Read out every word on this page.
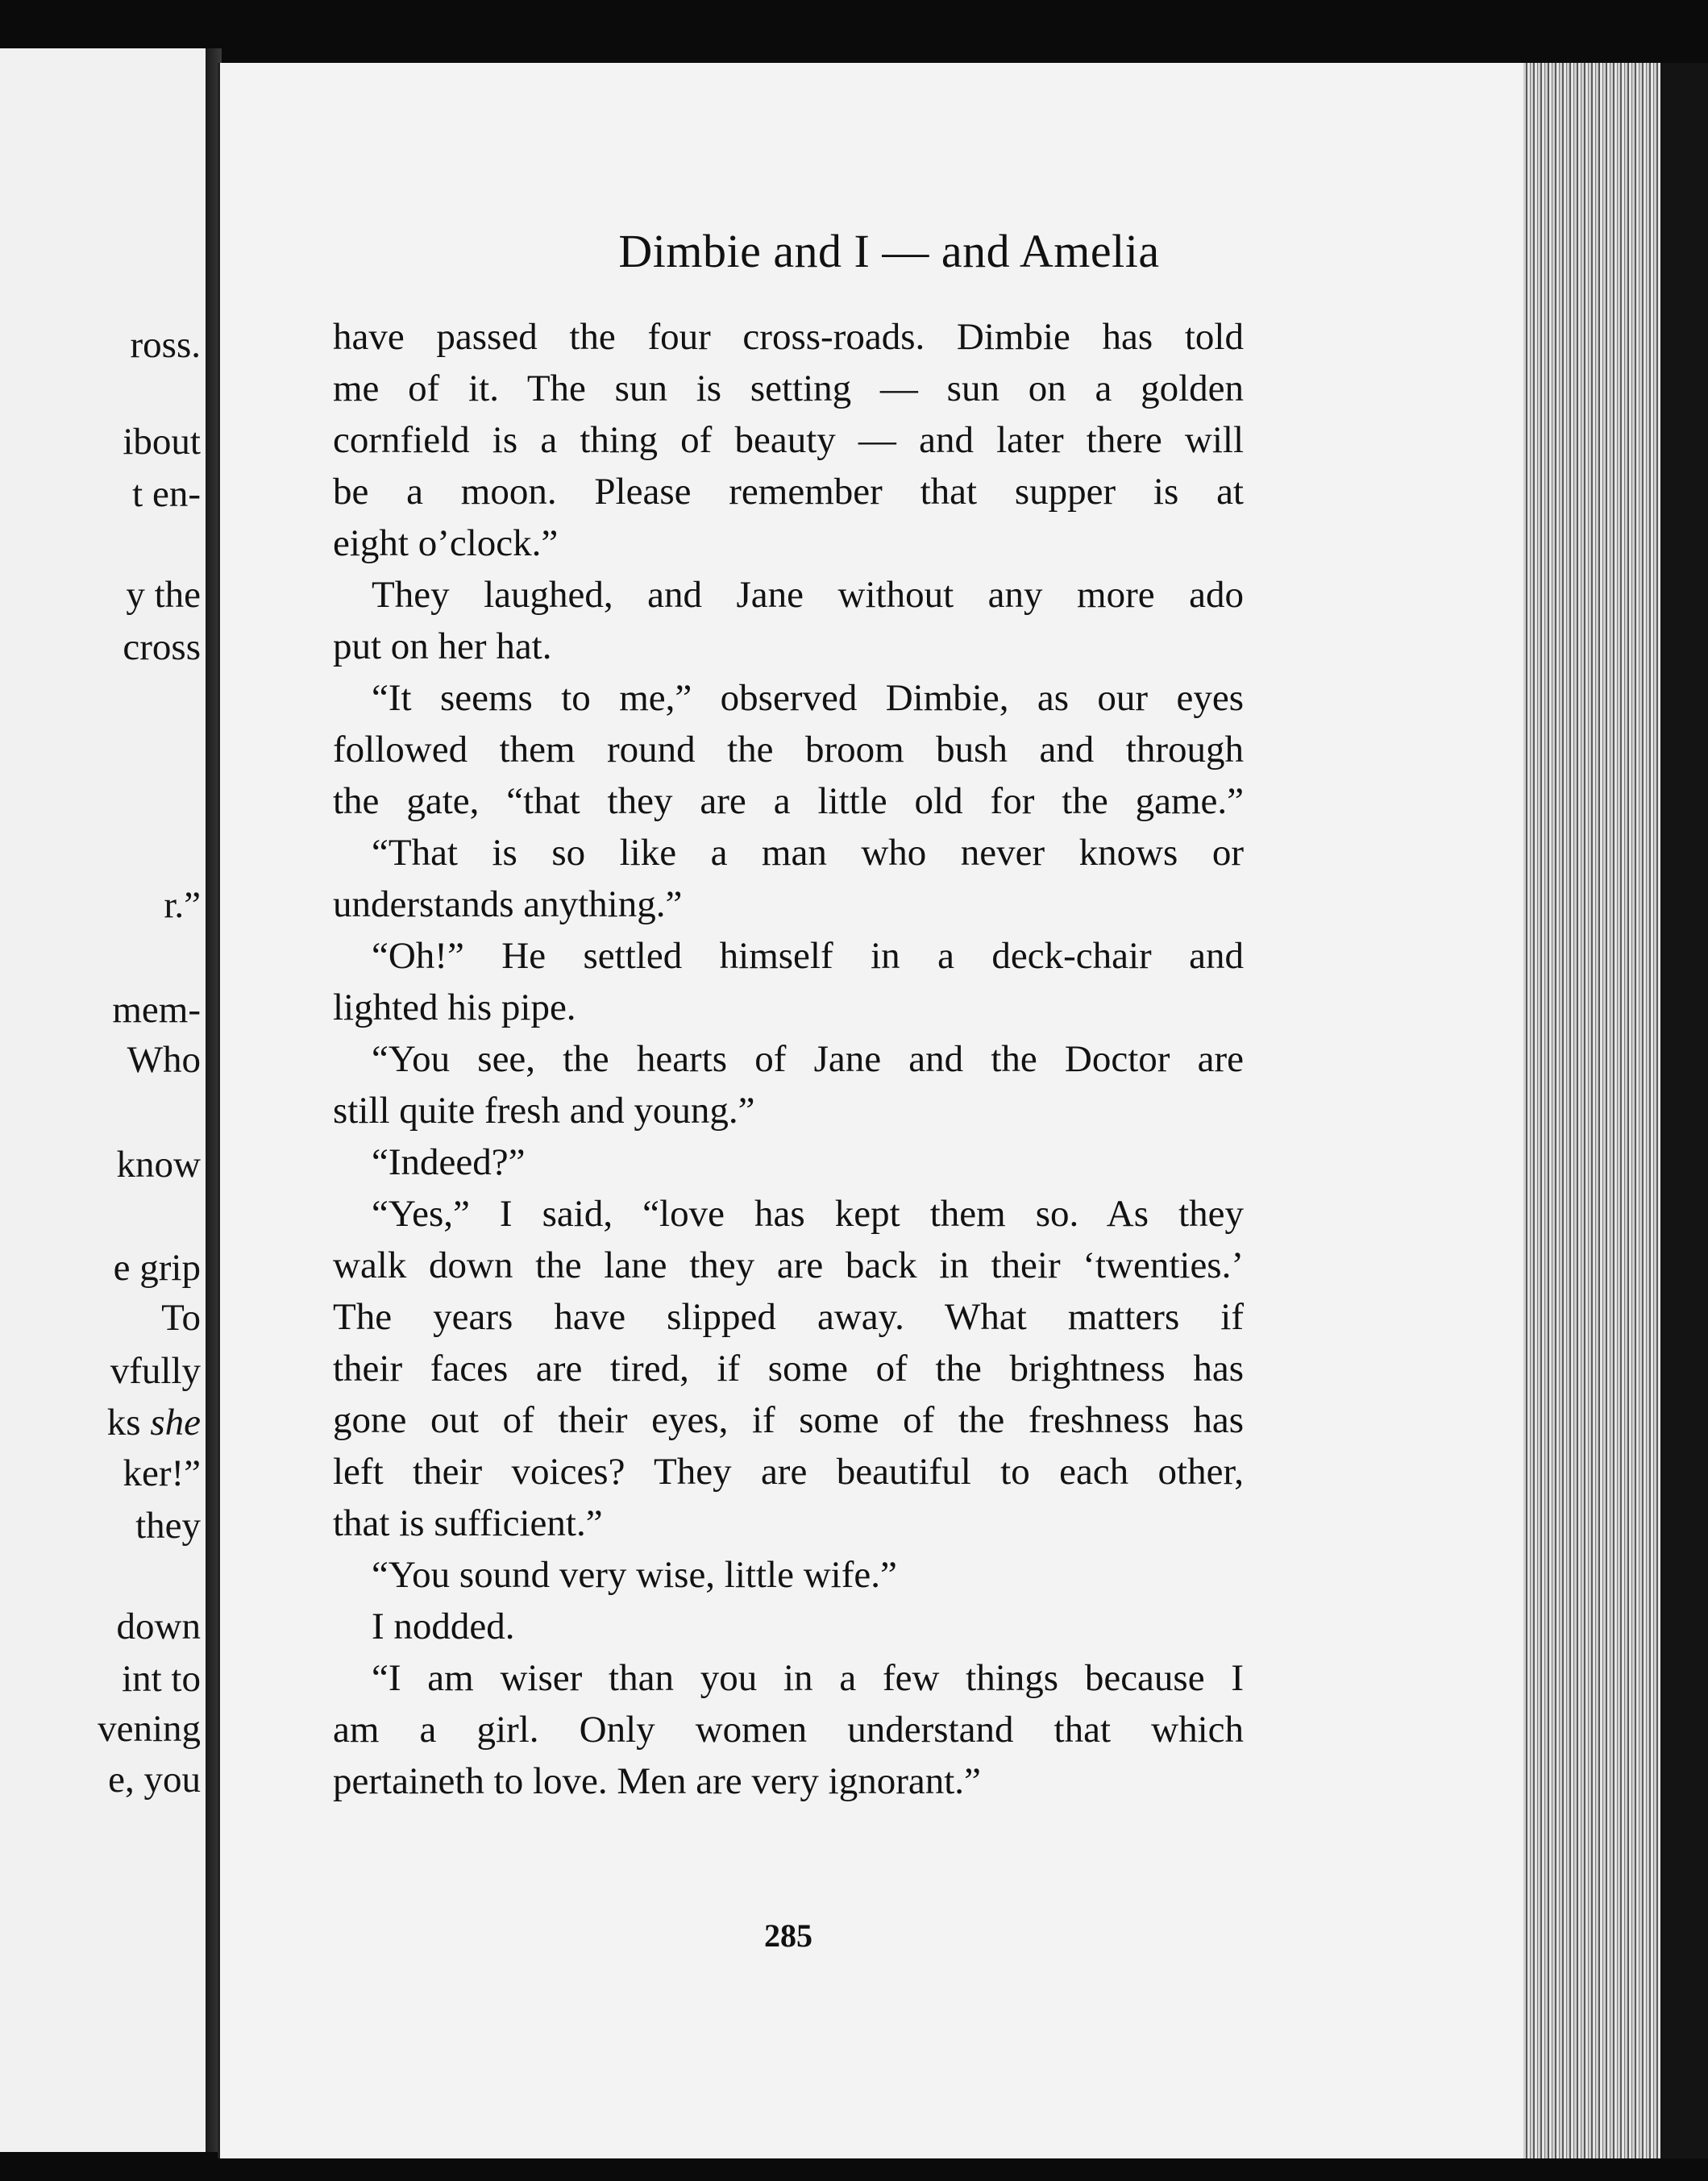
ross.
ibout
t en-
y the
cross
r.”
mem-
Who
know
e grip
To
vfully
ks she
ker!”
they
down
int to
vening
e, you
Dimbie and I — and Amelia
have passed the four cross-roads. Dimbie has told
me of it. The sun is setting — sun on a golden
cornfield is a thing of beauty — and later there will
be a moon. Please remember that supper is at
eight o’clock.”
They laughed, and Jane without any more ado
put on her hat.
“It seems to me,” observed Dimbie, as our eyes
followed them round the broom bush and through
the gate, “that they are a little old for the game.”
“That is so like a man who never knows or
understands anything.”
“Oh!” He settled himself in a deck-chair and
lighted his pipe.
“You see, the hearts of Jane and the Doctor are
still quite fresh and young.”
“Indeed?”
“Yes,” I said, “love has kept them so. As they
walk down the lane they are back in their ‘twenties.’
The years have slipped away. What matters if
their faces are tired, if some of the brightness has
gone out of their eyes, if some of the freshness has
left their voices? They are beautiful to each other,
that is sufficient.”
“You sound very wise, little wife.”
I nodded.
“I am wiser than you in a few things because I
am a girl. Only women understand that which
pertaineth to love. Men are very ignorant.”
285
